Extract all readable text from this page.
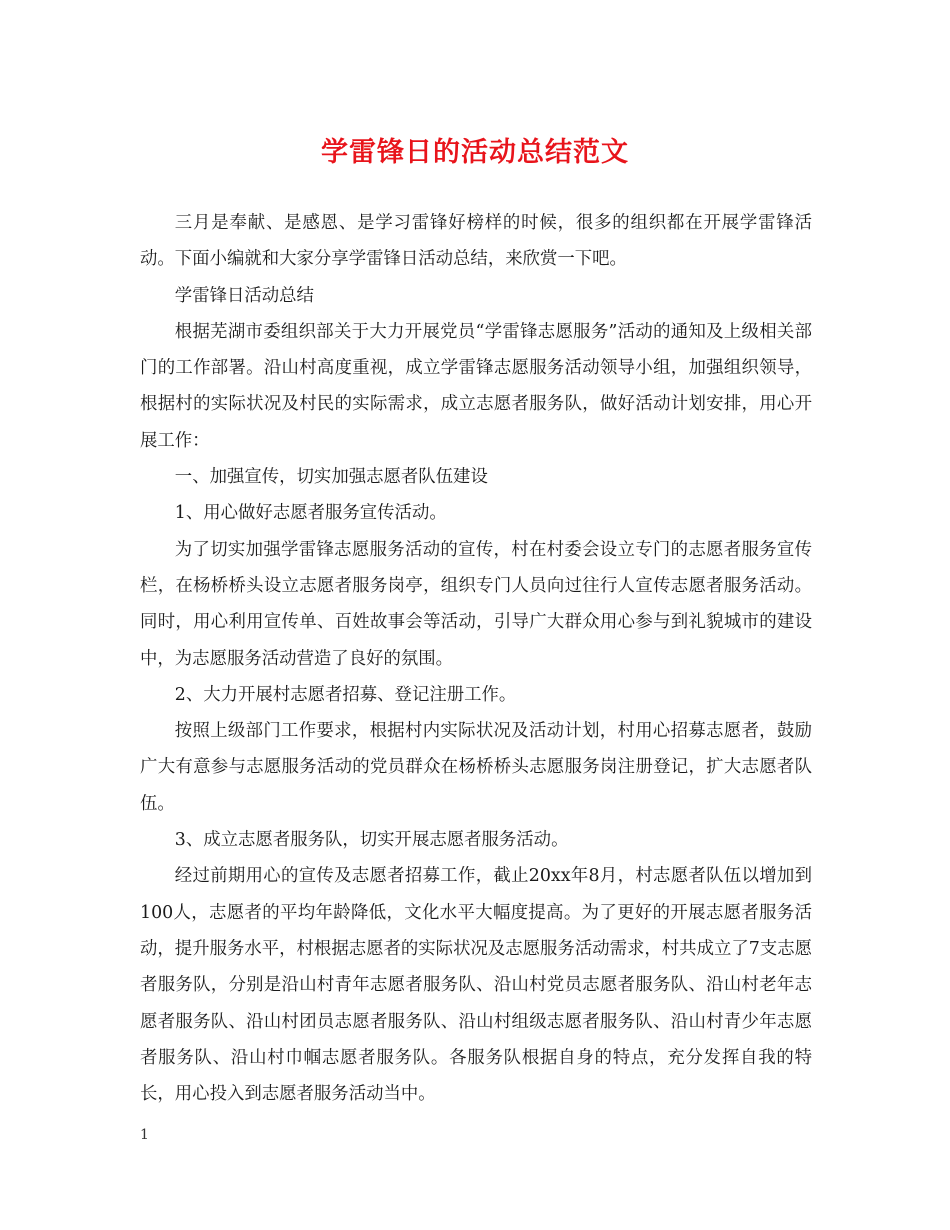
学雷锋日的活动总结范文

三月是奉献、是感恩、是学习雷锋好榜样的时候，很多的组织都在开展学雷锋活动。下面小编就和大家分享学雷锋日活动总结，来欣赏一下吧。

学雷锋日活动总结

根据芜湖市委组织部关于大力开展党员“学雷锋志愿服务”活动的通知及上级相关部门的工作部署。沿山村高度重视，成立学雷锋志愿服务活动领导小组，加强组织领导，根据村的实际状况及村民的实际需求，成立志愿者服务队，做好活动计划安排，用心开展工作：

一、加强宣传，切实加强志愿者队伍建设

1、用心做好志愿者服务宣传活动。

为了切实加强学雷锋志愿服务活动的宣传，村在村委会设立专门的志愿者服务宣传栏，在杨桥桥头设立志愿者服务岗亭，组织专门人员向过往行人宣传志愿者服务活动。同时，用心利用宣传单、百姓故事会等活动，引导广大群众用心参与到礼貌城市的建设中，为志愿服务活动营造了良好的氛围。

2、大力开展村志愿者招募、登记注册工作。

按照上级部门工作要求，根据村内实际状况及活动计划，村用心招募志愿者，鼓励广大有意参与志愿服务活动的党员群众在杨桥桥头志愿服务岗注册登记，扩大志愿者队伍。

3、成立志愿者服务队，切实开展志愿者服务活动。

经过前期用心的宣传及志愿者招募工作，截止20xx年8月，村志愿者队伍以增加到100人，志愿者的平均年龄降低，文化水平大幅度提高。为了更好的开展志愿者服务活动，提升服务水平，村根据志愿者的实际状况及志愿服务活动需求，村共成立了7支志愿者服务队，分别是沿山村青年志愿者服务队、沿山村党员志愿者服务队、沿山村老年志愿者服务队、沿山村团员志愿者服务队、沿山村组级志愿者服务队、沿山村青少年志愿者服务队、沿山村巾帼志愿者服务队。各服务队根据自身的特点，充分发挥自我的特长，用心投入到志愿者服务活动当中。

1
